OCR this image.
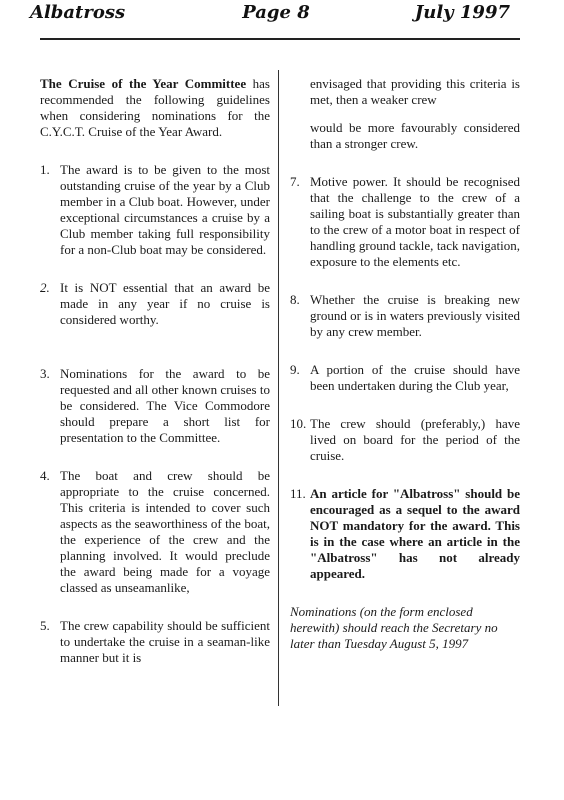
Albatross	Page 8	July 1997

The Cruise of the Year Committee has recommended the following guidelines when considering nominations for the C.Y.C.T. Cruise of the Year Award.

1. The award is to be given to the most outstanding cruise of the year by a Club member in a Club boat. However, under exceptional circumstances a cruise by a Club member taking full responsibility for a non-Club boat may be considered.

2. It is NOT essential that an award be made in any year if no cruise is considered worthy.

3. Nominations for the award to be requested and all other known cruises to be considered. The Vice Commodore should prepare a short list for presentation to the Committee.

4. The boat and crew should be appropriate to the cruise concerned. This criteria is intended to cover such aspects as the seaworthiness of the boat, the experience of the crew and the planning involved. It would preclude the award being made for a voyage classed as unseamanlike,

5. The crew capability should be sufficient to undertake the cruise in a seaman-like manner but it is

envisaged that providing this criteria is met, then a weaker crew

would be more favourably considered than a stronger crew.

7. Motive power. It should be recognised that the challenge to the crew of a sailing boat is substantially greater than to the crew of a motor boat in respect of handling ground tackle, tack navigation, exposure to the elements etc.

8. Whether the cruise is breaking new ground or is in waters previously visited by any crew member.

9. A portion of the cruise should have been undertaken during the Club year,

10. The crew should (preferably,) have lived on board for the period of the cruise.

11. An article for "Albatross" should be encouraged as a sequel to the award NOT mandatory for the award. This is in the case where an article in the "Albatross" has not already appeared.

Nominations (on the form enclosed herewith) should reach the Secretary no later than Tuesday August 5, 1997
